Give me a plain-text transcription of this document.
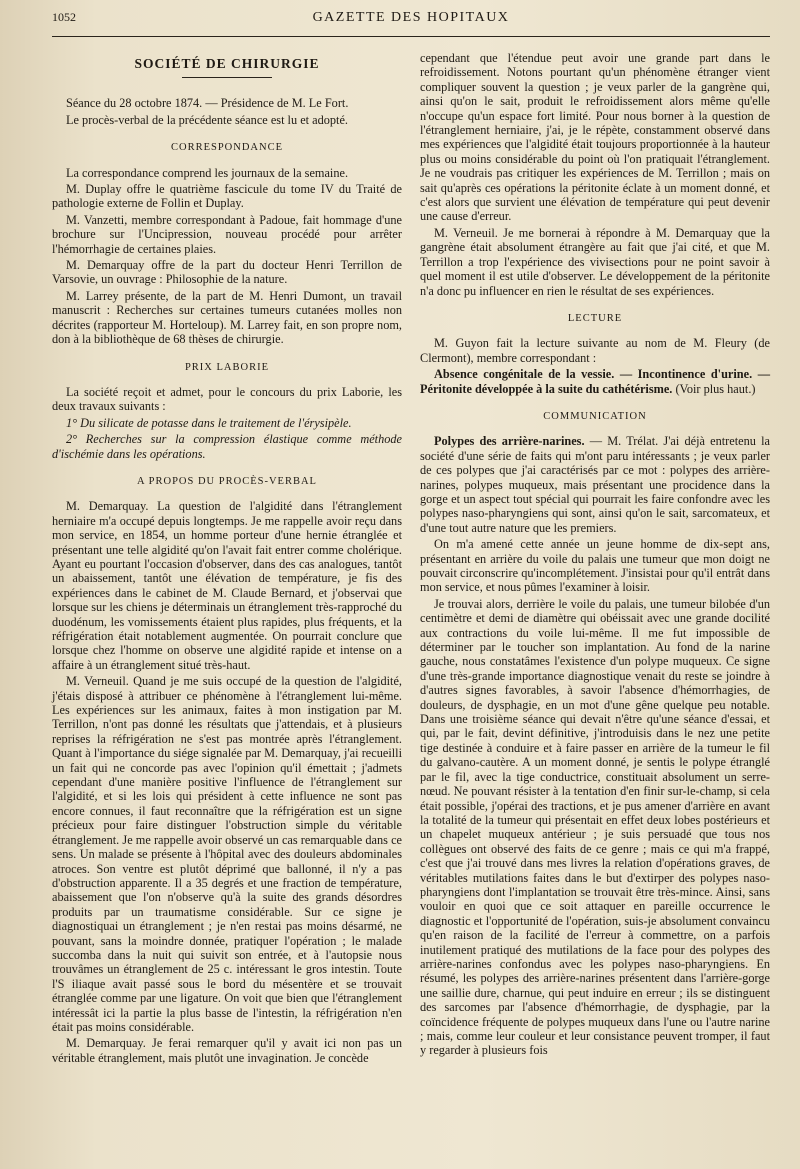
1052	GAZETTE DES HOPITAUX
SOCIÉTÉ DE CHIRURGIE

Séance du 28 octobre 1874. — Présidence de M. Le Fort.

Le procès-verbal de la précédente séance est lu et adopté.

CORRESPONDANCE

La correspondance comprend les journaux de la semaine.

M. Duplay offre le quatrième fascicule du tome IV du Traité de pathologie externe de Follin et Duplay.

M. Vanzetti, membre correspondant à Padoue, fait hommage d'une brochure sur l'Uncipression, nouveau procédé pour arrêter l'hémorrhagie de certaines plaies.

M. Demarquay offre de la part du docteur Henri Terrillon de Varsovie, un ouvrage : Philosophie de la nature.

M. Larrey présente, de la part de M. Henri Dumont, un travail manuscrit : Recherches sur certaines tumeurs cutanées molles non décrites (rapporteur M. Horteloup). M. Larrey fait, en son propre nom, don à la bibliothèque de 68 thèses de chirurgie.

PRIX LABORIE

La société reçoit et admet, pour le concours du prix Laborie, les deux travaux suivants :

1° Du silicate de potasse dans le traitement de l'érysipèle.

2° Recherches sur la compression élastique comme méthode d'ischémie dans les opérations.

A PROPOS DU PROCÈS-VERBAL

M. Demarquay. La question de l'algidité dans l'étranglement herniaire m'a occupé depuis longtemps. Je me rappelle avoir reçu dans mon service, en 1854, un homme porteur d'une hernie étranglée et présentant une telle algidité qu'on l'avait fait entrer comme cholérique. Ayant eu pourtant l'occasion d'observer, dans des cas analogues, tantôt un abaissement, tantôt une élévation de température, je fis des expériences dans le cabinet de M. Claude Bernard, et j'observai que lorsque sur les chiens je déterminais un étranglement très-rapproché du duodénum, les vomissements étaient plus rapides, plus fréquents, et la réfrigération était notablement augmentée. On pourrait conclure que lorsque chez l'homme on observe une algidité rapide et intense on a affaire à un étranglement situé très-haut.

M. Verneuil. Quand je me suis occupé de la question de l'algidité, j'étais disposé à attribuer ce phénomène à l'étranglement lui-même. Les expériences sur les animaux, faites à mon instigation par M. Terrillon, n'ont pas donné les résultats que j'attendais, et à plusieurs reprises la réfrigération ne s'est pas montrée après l'étranglement. Quant à l'importance du siége signalée par M. Demarquay, j'ai recueilli un fait qui ne concorde pas avec l'opinion qu'il émettait ; j'admets cependant d'une manière positive l'influence de l'étranglement sur l'algidité, et si les lois qui président à cette influence ne sont pas encore connues, il faut reconnaître que la réfrigération est un signe précieux pour faire distinguer l'obstruction simple du véritable étranglement. Je me rappelle avoir observé un cas remarquable dans ce sens. Un malade se présente à l'hôpital avec des douleurs abdominales atroces. Son ventre est plutôt déprimé que ballonné, il n'y a pas d'obstruction apparente. Il a 35 degrés et une fraction de température, abaissement que l'on n'observe qu'à la suite des grands désordres produits par un traumatisme considérable. Sur ce signe je diagnostiquai un étranglement ; je n'en restai pas moins désarmé, ne pouvant, sans la moindre donnée, pratiquer l'opération ; le malade succomba dans la nuit qui suivit son entrée, et à l'autopsie nous trouvâmes un étranglement de 25 c. intéressant le gros intestin. Toute l'S iliaque avait passé sous le bord du mésentère et se trouvait étranglée comme par une ligature. On voit que bien que l'étranglement intéressât ici la partie la plus basse de l'intestin, la réfrigération n'en était pas moins considérable.

M. Demarquay. Je ferai remarquer qu'il y avait ici non pas un véritable étranglement, mais plutôt une invagination. Je concède

cependant que l'étendue peut avoir une grande part dans le refroidissement. Notons pourtant qu'un phénomène étranger vient compliquer souvent la question ; je veux parler de la gangrène qui, ainsi qu'on le sait, produit le refroidissement alors même qu'elle n'occupe qu'un espace fort limité. Pour nous borner à la question de l'étranglement herniaire, j'ai, je le répète, constamment observé dans mes expériences que l'algidité était toujours proportionnée à la hauteur plus ou moins considérable du point où l'on pratiquait l'étranglement. Je ne voudrais pas critiquer les expériences de M. Terrillon ; mais on sait qu'après ces opérations la péritonite éclate à un moment donné, et c'est alors que survient une élévation de température qui peut devenir une cause d'erreur.

M. Verneuil. Je me bornerai à répondre à M. Demarquay que la gangrène était absolument étrangère au fait que j'ai cité, et que M. Terrillon a trop l'expérience des vivisections pour ne point savoir à quel moment il est utile d'observer. Le développement de la péritonite n'a donc pu influencer en rien le résultat de ses expériences.

LECTURE

M. Guyon fait la lecture suivante au nom de M. Fleury (de Clermont), membre correspondant :

Absence congénitale de la vessie. — Incontinence d'urine. — Péritonite développée à la suite du cathétérisme. (Voir plus haut.)

COMMUNICATION

Polypes des arrière-narines. — M. Trélat. J'ai déjà entretenu la société d'une série de faits qui m'ont paru intéressants ; je veux parler de ces polypes que j'ai caractérisés par ce mot : polypes des arrière-narines, polypes muqueux, mais présentant une procidence dans la gorge et un aspect tout spécial qui pourrait les faire confondre avec les polypes naso-pharyngiens qui sont, ainsi qu'on le sait, sarcomateux, et d'une tout autre nature que les premiers.

On m'a amené cette année un jeune homme de dix-sept ans, présentant en arrière du voile du palais une tumeur que mon doigt ne pouvait circonscrire qu'incomplétement. J'insistai pour qu'il entrât dans mon service, et nous pûmes l'examiner à loisir.

Je trouvai alors, derrière le voile du palais, une tumeur bilobée d'un centimètre et demi de diamètre qui obéissait avec une grande docilité aux contractions du voile lui-même. Il me fut impossible de déterminer par le toucher son implantation. Au fond de la narine gauche, nous constatâmes l'existence d'un polype muqueux. Ce signe d'une très-grande importance diagnostique venait du reste se joindre à d'autres signes favorables, à savoir l'absence d'hémorrhagies, de douleurs, de dysphagie, en un mot d'une gêne quelque peu notable. Dans une troisième séance qui devait n'être qu'une séance d'essai, et qui, par le fait, devint définitive, j'introduisis dans le nez une petite tige destinée à conduire et à faire passer en arrière de la tumeur le fil du galvano-cautère. A un moment donné, je sentis le polype étranglé par le fil, avec la tige conductrice, constituait absolument un serre-nœud. Ne pouvant résister à la tentation d'en finir sur-le-champ, si cela était possible, j'opérai des tractions, et je pus amener d'arrière en avant la totalité de la tumeur qui présentait en effet deux lobes postérieurs et un chapelet muqueux antérieur ; je suis persuadé que tous nos collègues ont observé des faits de ce genre ; mais ce qui m'a frappé, c'est que j'ai trouvé dans mes livres la relation d'opérations graves, de véritables mutilations faites dans le but d'extirper des polypes naso-pharyngiens dont l'implantation se trouvait être très-mince. Ainsi, sans vouloir en quoi que ce soit attaquer en pareille occurrence le diagnostic et l'opportunité de l'opération, suis-je absolument convaincu qu'en raison de la facilité de l'erreur à commettre, on a parfois inutilement pratiqué des mutilations de la face pour des polypes des arrière-narines confondus avec les polypes naso-pharyngiens. En résumé, les polypes des arrière-narines présentent dans l'arrière-gorge une saillie dure, charnue, qui peut induire en erreur ; ils se distinguent des sarcomes par l'absence d'hémorrhagie, de dysphagie, par la coïncidence fréquente de polypes muqueux dans l'une ou l'autre narine ; mais, comme leur couleur et leur consistance peuvent tromper, il faut y regarder à plusieurs fois
